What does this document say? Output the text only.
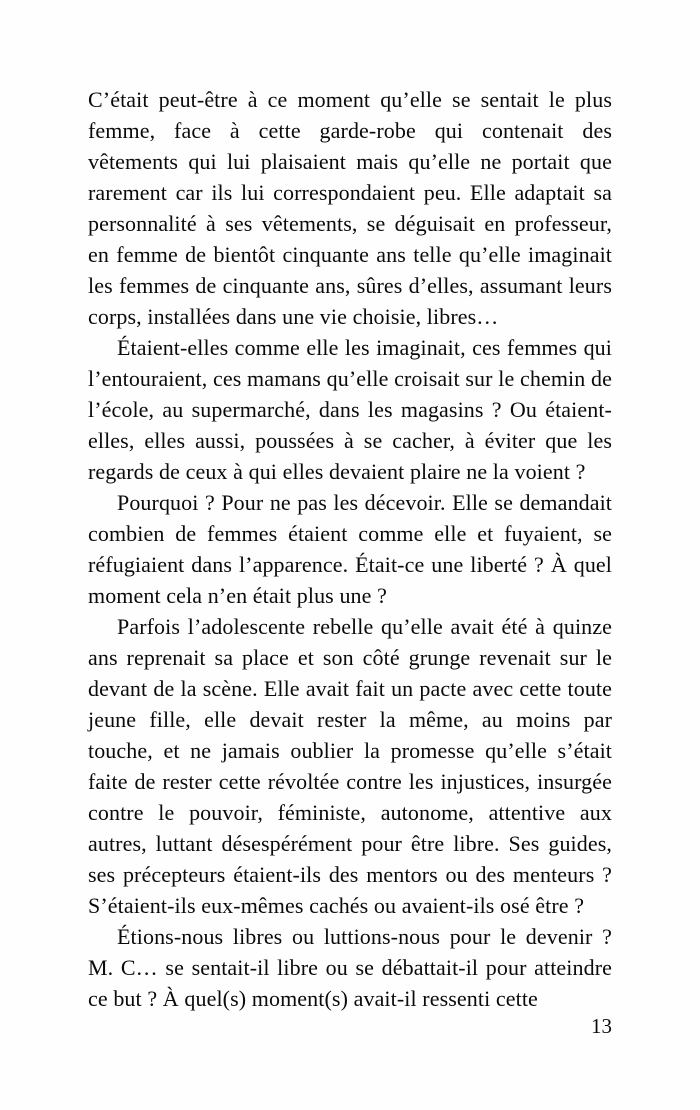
C’était peut-être à ce moment qu’elle se sentait le plus femme, face à cette garde-robe qui contenait des vêtements qui lui plaisaient mais qu’elle ne portait que rarement car ils lui correspondaient peu. Elle adaptait sa personnalité à ses vêtements, se déguisait en professeur, en femme de bientôt cinquante ans telle qu’elle imaginait les femmes de cinquante ans, sûres d’elles, assumant leurs corps, installées dans une vie choisie, libres…

Étaient-elles comme elle les imaginait, ces femmes qui l’entouraient, ces mamans qu’elle croisait sur le chemin de l’école, au supermarché, dans les magasins ? Ou étaient-elles, elles aussi, poussées à se cacher, à éviter que les regards de ceux à qui elles devaient plaire ne la voient ?

Pourquoi ? Pour ne pas les décevoir. Elle se demandait combien de femmes étaient comme elle et fuyaient, se réfugiaient dans l’apparence. Était-ce une liberté ? À quel moment cela n’en était plus une ?

Parfois l’adolescente rebelle qu’elle avait été à quinze ans reprenait sa place et son côté grunge revenait sur le devant de la scène. Elle avait fait un pacte avec cette toute jeune fille, elle devait rester la même, au moins par touche, et ne jamais oublier la promesse qu’elle s’était faite de rester cette révoltée contre les injustices, insurgée contre le pouvoir, féministe, autonome, attentive aux autres, luttant désespérément pour être libre. Ses guides, ses précepteurs étaient-ils des mentors ou des menteurs ? S’étaient-ils eux-mêmes cachés ou avaient-ils osé être ?

Étions-nous libres ou luttions-nous pour le devenir ? M. C… se sentait-il libre ou se débattait-il pour atteindre ce but ? À quel(s) moment(s) avait-il ressenti cette

13
